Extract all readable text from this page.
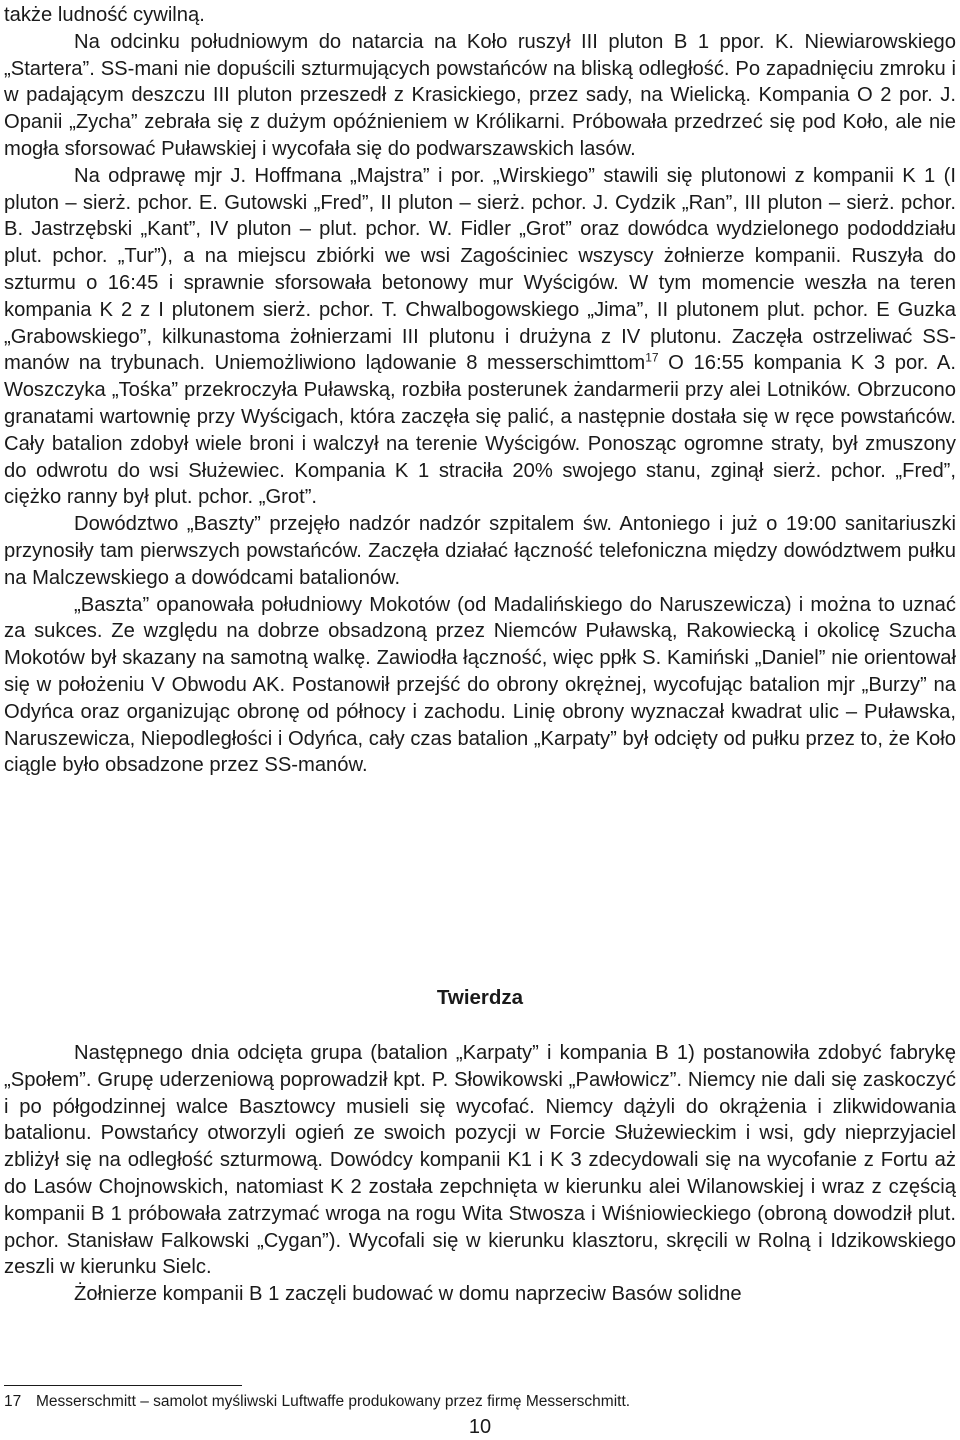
także ludność cywilną.

Na odcinku południowym do natarcia na Koło ruszył III pluton B 1 ppor. K. Niewiarowskiego „Startera”. SS-mani nie dopuścili szturmujących powstańców na bliską odległość. Po zapadnięciu zmroku i w padającym deszczu III pluton przeszedł z Krasickiego, przez sady, na Wielicką. Kompania O 2 por. J. Opanii „Zycha” zebrała się z dużym opóźnieniem w Królikarni. Próbowała przedrzeć się pod Koło, ale nie mogła sforsować Puławskiej i wycofała się do podwarszawskich lasów.

Na odprawę mjr J. Hoffmana „Majstra” i por. „Wirskiego” stawili się plutonowi z kompanii K 1 (I pluton – sierż. pchor. E. Gutowski „Fred”, II pluton – sierż. pchor. J. Cydzik „Ran”, III pluton – sierż. pchor. B. Jastrzębski „Kant”, IV pluton – plut. pchor. W. Fidler „Grot” oraz dowódca wydzielonego pododdziału plut. pchor. „Tur”), a na miejscu zbiórki we wsi Zagościniec wszyscy żołnierze kompanii. Ruszyła do szturmu o 16:45 i sprawnie sforsowała betonowy mur Wyścigów. W tym momencie weszła na teren kompania K 2 z I plutonem sierż. pchor. T. Chwalbogowskiego „Jima”, II plutonem plut. pchor. E Guzka „Grabowskiego”, kilkunastoma żołnierzami III plutonu i drużyna z IV plutonu. Zaczęła ostrzeliwać SS-manów na trybunach. Uniemożliwiono lądowanie 8 messerschimttom$^{17}$ O 16:55 kompania K 3 por. A. Woszczyka „Tośka” przekroczyła Puławską, rozbiła posterunek żandarmerii przy alei Lotników. Obrzucono granatami wartownię przy Wyścigach, która zaczęła się palić, a następnie dostała się w ręce powstańców. Cały batalion zdobył wiele broni i walczył na terenie Wyścigów. Ponosząc ogromne straty, był zmuszony do odwrotu do wsi Służewiec. Kompania K 1 straciła 20% swojego stanu, zginął sierż. pchor. „Fred”, ciężko ranny był plut. pchor. „Grot”.

Dowództwo „Baszty” przejęło nadzór nadzór szpitalem św. Antoniego i już o 19:00 sanitariuszki przynosiły tam pierwszych powstańców. Zaczęła działać łączność telefoniczna między dowództwem pułku na Malczewskiego a dowódcami batalionów.

„Baszta” opanowała południowy Mokotów (od Madalińskiego do Naruszewicza) i można to uznać za sukces. Ze względu na dobrze obsadzoną przez Niemców Puławską, Rakowiecką i okolicę Szucha Mokotów był skazany na samotną walkę. Zawiodła łączność, więc ppłk S. Kamiński „Daniel” nie orientował się w położeniu V Obwodu AK. Postanowił przejść do obrony okrężnej, wycofując batalion mjr „Burzy” na Odyńca oraz organizując obronę od północy i zachodu. Linię obrony wyznaczał kwadrat ulic – Puławska, Naruszewicza, Niepodległości i Odyńca, cały czas batalion „Karpaty” był odcięty od pułku przez to, że Koło ciągle było obsadzone przez SS-manów.

Twierdza

Następnego dnia odcięta grupa (batalion „Karpaty” i kompania B 1) postanowiła zdobyć fabrykę „Społem”. Grupę uderzeniową poprowadził kpt. P. Słowikowski „Pawłowicz”. Niemcy nie dali się zaskoczyć i po półgodzinnej walce Basztowcy musieli się wycofać. Niemcy dążyli do okrążenia i zlikwidowania batalionu. Powstańcy otworzyli ogień ze swoich pozycji w Forcie Służewieckim i wsi, gdy nieprzyjaciel zbliżył się na odległość szturmową. Dowódcy kompanii K1 i K 3 zdecydowali się na wycofanie z Fortu aż do Lasów Chojnowskich, natomiast K 2 została zepchnięta w kierunku alei Wilanowskiej i wraz z częścią kompanii B 1 próbowała zatrzymać wroga na rogu Wita Stwosza i Wiśniowieckiego (obroną dowodził plut. pchor. Stanisław Falkowski „Cygan”). Wycofali się w kierunku klasztoru, skręcili w Rolną i Idzikowskiego zeszli w kierunku Sielc.

Żołnierze kompanii B 1 zaczęli budować w domu naprzeciw Basów solidne

17 Messerschmitt – samolot myśliwski Luftwaffe produkowany przez firmę Messerschmitt.
10
